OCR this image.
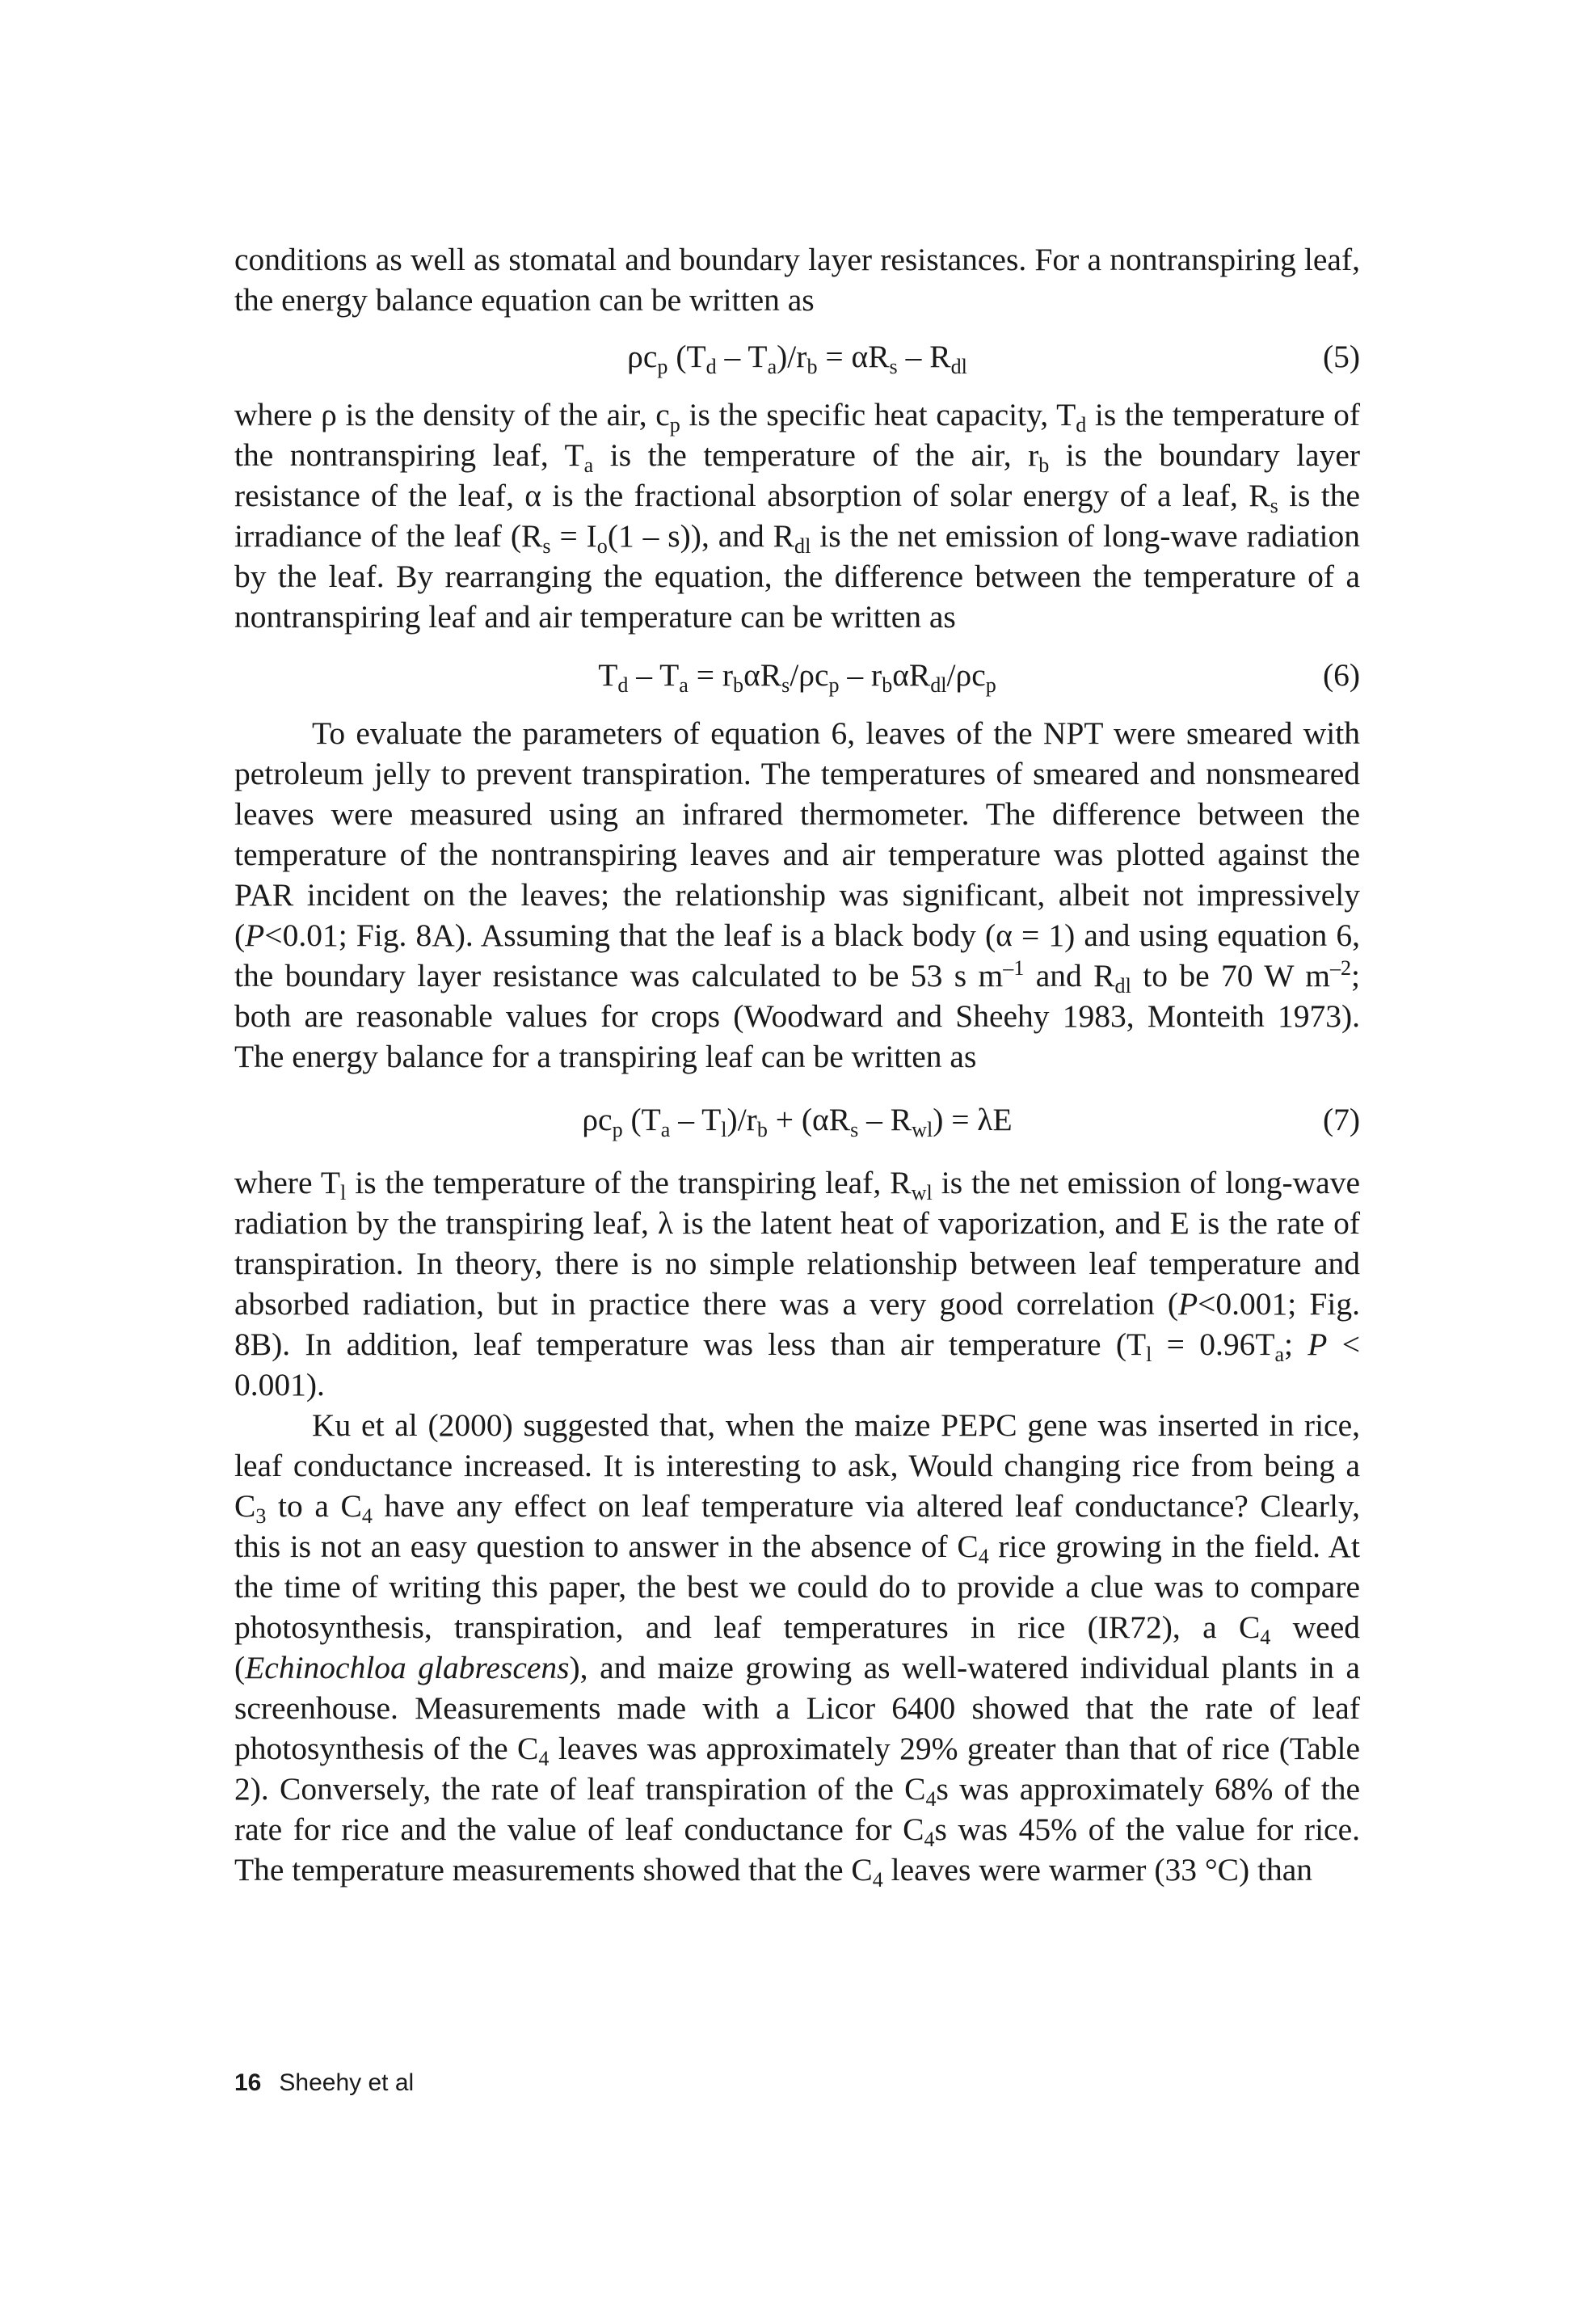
conditions as well as stomatal and boundary layer resistances. For a nontranspiring leaf, the energy balance equation can be written as

$\rho c_p$ $(T_d - T_a)/r_b = \alpha R_s - R_{dl}$	(5)

where ρ is the density of the air, $c_p$ is the specific heat capacity, $T_d$ is the temperature of the nontranspiring leaf, $T_a$ is the temperature of the air, $r_b$ is the boundary layer resistance of the leaf, α is the fractional absorption of solar energy of a leaf, $R_s$ is the irradiance of the leaf $(R_s = I_o(1 - s))$, and $R_{dl}$ is the net emission of long-wave radiation by the leaf. By rearranging the equation, the difference between the temperature of a nontranspiring leaf and air temperature can be written as

$T_d - T_a = r_b\alpha R_s/\rho c_p - r_b\alpha R_{dl}/\rho c_p$	(6)

To evaluate the parameters of equation 6, leaves of the NPT were smeared with petroleum jelly to prevent transpiration. The temperatures of smeared and nonsmeared leaves were measured using an infrared thermometer. The difference between the temperature of the nontranspiring leaves and air temperature was plotted against the PAR incident on the leaves; the relationship was significant, albeit not impressively (P<0.01; Fig. 8A). Assuming that the leaf is a black body (α = 1) and using equation 6, the boundary layer resistance was calculated to be 53 s $m^{-1}$ and $R_{dl}$ to be 70 W $m^{-2}$; both are reasonable values for crops (Woodward and Sheehy 1983, Monteith 1973). The energy balance for a transpiring leaf can be written as

$\rho c_p$ $(T_a - T_l)/r_b + (\alpha R_s - R_{wl}) = \lambda E$	(7)

where $T_l$ is the temperature of the transpiring leaf, $R_{wl}$ is the net emission of long-wave radiation by the transpiring leaf, λ is the latent heat of vaporization, and E is the rate of transpiration. In theory, there is no simple relationship between leaf temperature and absorbed radiation, but in practice there was a very good correlation (P<0.001; Fig. 8B). In addition, leaf temperature was less than air temperature ($T_l = 0.96T_a$; P < 0.001).

Ku et al (2000) suggested that, when the maize PEPC gene was inserted in rice, leaf conductance increased. It is interesting to ask, Would changing rice from being a $C_3$ to a $C_4$ have any effect on leaf temperature via altered leaf conductance? Clearly, this is not an easy question to answer in the absence of $C_4$ rice growing in the field. At the time of writing this paper, the best we could do to provide a clue was to compare photosynthesis, transpiration, and leaf temperatures in rice (IR72), a $C_4$ weed (Echinochloa glabrescens), and maize growing as well-watered individual plants in a screenhouse. Measurements made with a Licor 6400 showed that the rate of leaf photosynthesis of the $C_4$ leaves was approximately 29% greater than that of rice (Table 2). Conversely, the rate of leaf transpiration of the $C_4s$ was approximately 68% of the rate for rice and the value of leaf conductance for $C_4s$ was 45% of the value for rice. The temperature measurements showed that the $C_4$ leaves were warmer (33 °C) than

16 Sheehy et al
